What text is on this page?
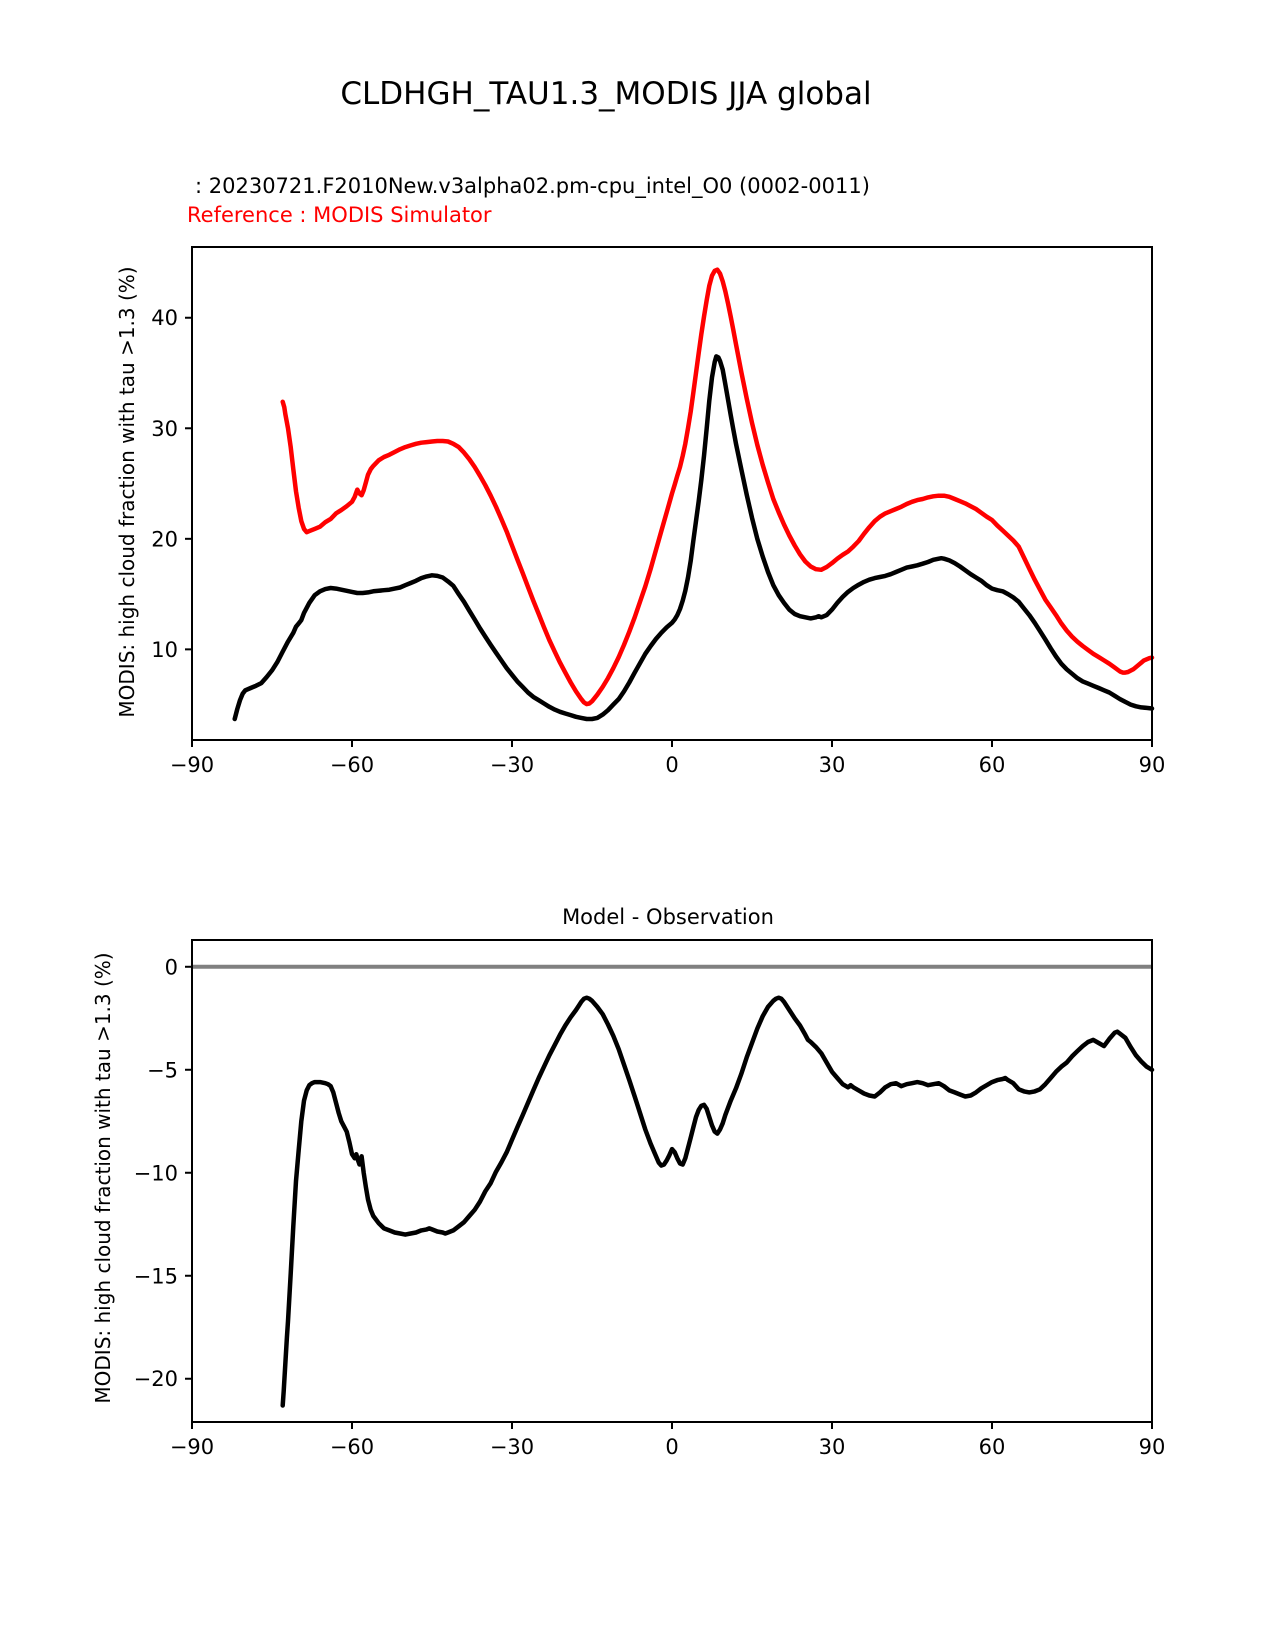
CLDHGH_TAU1.3_MODIS JJA global
: 20230721.F2010New.v3alpha02.pm-cpu_intel_O0 (0002-0011)
Reference : MODIS Simulator
MODIS: high cloud fraction with tau >1.3 (%)
Model - Observation
MODIS: high cloud fraction with tau >1.3 (%)
−90	−60	−30	0	30	60	90
10
20
30
40
−90	−60	−30	0	30	60	90
0
−5
−10
−15
−20
